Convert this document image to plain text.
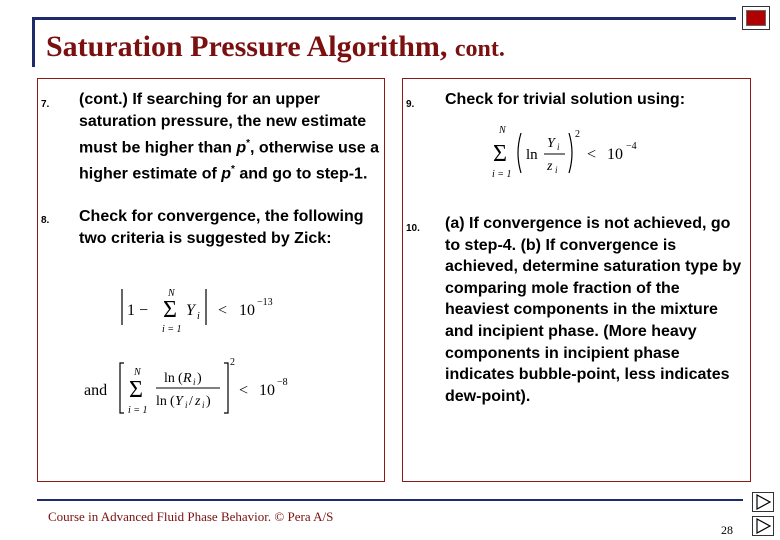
Saturation Pressure Algorithm, cont.
7. (cont.) If searching for an upper saturation pressure, the new estimate must be higher than p*, otherwise use a higher estimate of p* and go to step-1.
8. Check for convergence, the following two criteria is suggested by Zick:
1 − Σ
N
i = 1
Y i < 10 −13
and Σ
N
i = 1
ln ( R i )
ln ( Y i / z i )
2
< 10 −8
9. Check for trivial solution using:
Σ
N
i = 1
ln
Y i
z i
2
< 10 −4
10. (a) If convergence is not achieved, go to step-4. (b) If convergence is achieved, determine saturation type by comparing mole fraction of the heaviest components in the mixture and incipient phase. (More heavy components in incipient phase indicates bubble-point, less indicates dew-point).
Course in Advanced Fluid Phase Behavior. © Pera A/S
28
